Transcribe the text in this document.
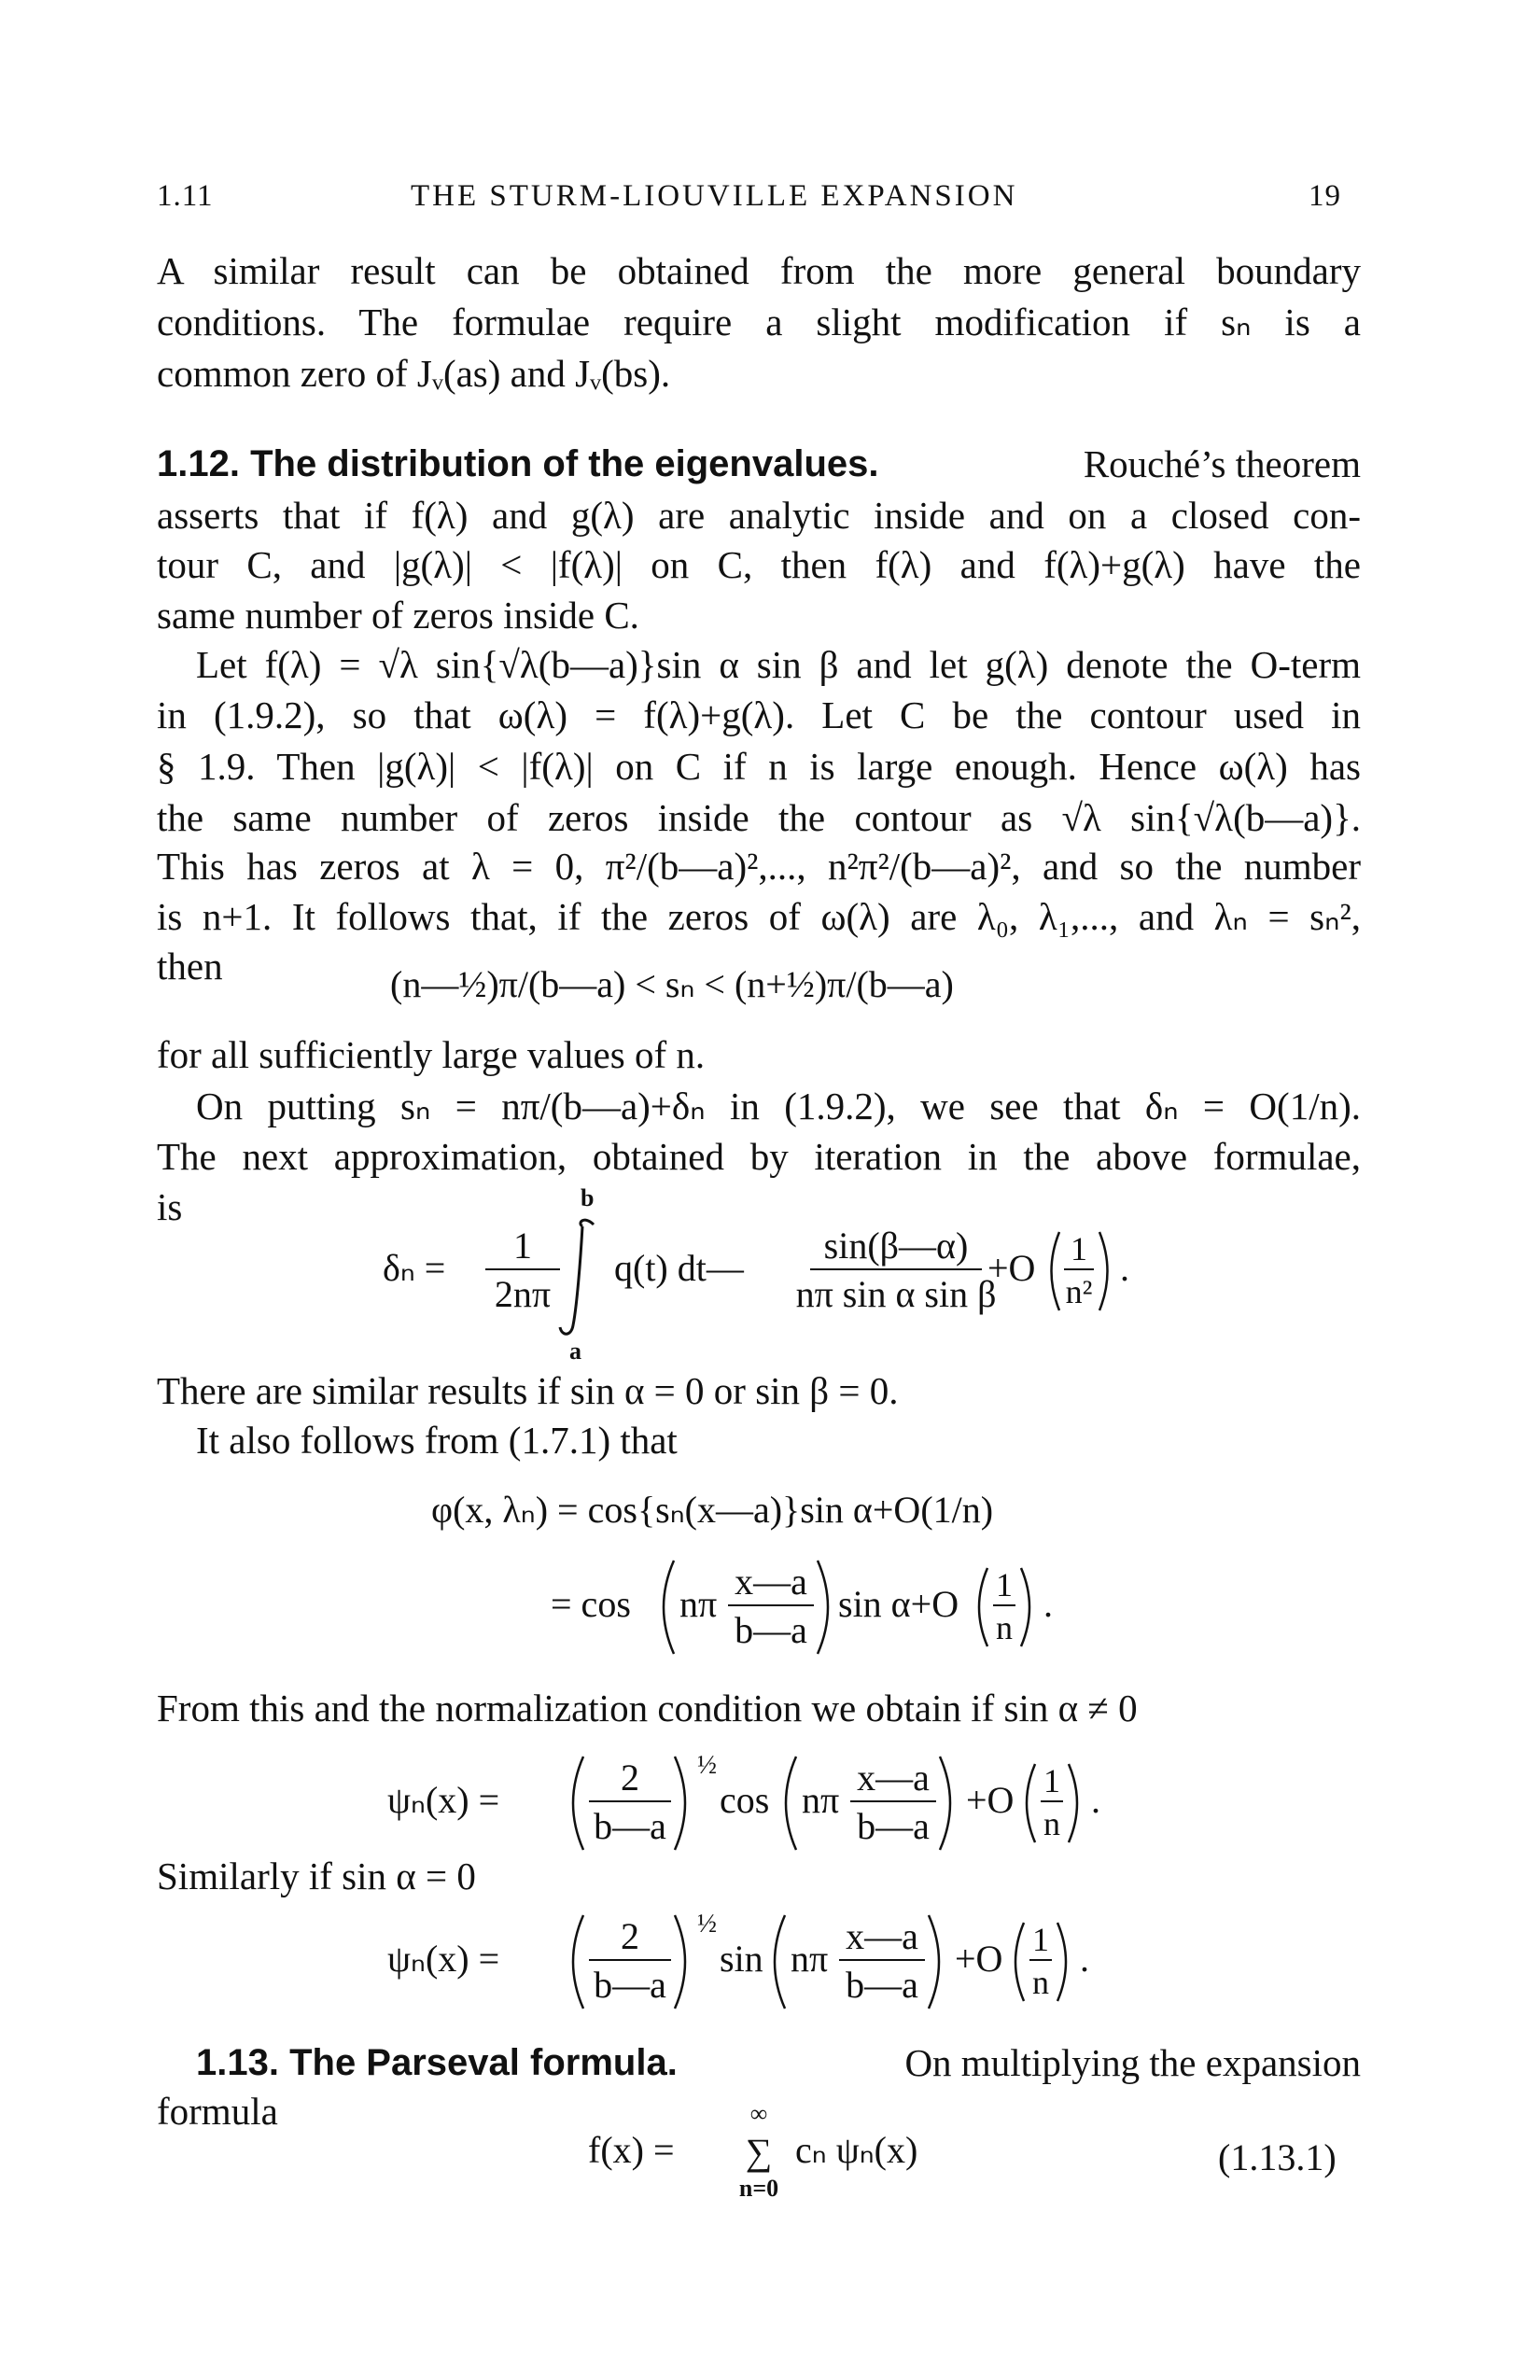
1.11	THE STURM-LIOUVILLE EXPANSION	19
A similar result can be obtained from the more general boundary
conditions. The formulae require a slight modification if sₙ is a
common zero of Jᵥ(as) and Jᵥ(bs).
1.12. The distribution of the eigenvalues.	Rouché’s theorem
asserts that if f(λ) and g(λ) are analytic inside and on a closed con-
tour C, and |g(λ)| < |f(λ)| on C, then f(λ) and f(λ)+g(λ) have the
same number of zeros inside C.
Let f(λ) = √λ sin{√λ(b—a)}sin α sin β and let g(λ) denote the O-term
in (1.9.2), so that ω(λ) = f(λ)+g(λ). Let C be the contour used in
§ 1.9. Then |g(λ)| < |f(λ)| on C if n is large enough. Hence ω(λ) has
the same number of zeros inside the contour as √λ sin{√λ(b—a)}.
This has zeros at λ = 0, π²/(b—a)²,..., n²π²/(b—a)², and so the number
is n+1. It follows that, if the zeros of ω(λ) are λ₀, λ₁,..., and λₙ = sₙ²,
then	(n—½)π/(b—a) < sₙ < (n+½)π/(b—a)
for all sufficiently large values of n.
On putting sₙ = nπ/(b—a)+δₙ in (1.9.2), we see that δₙ = O(1/n).
The next approximation, obtained by iteration in the above formulae,
is
δₙ =
1
2nπ
b
a
q(t) dt—
sin(β—α)
nπ sin α sin β
+O 1
n²
.
There are similar results if sin α = 0 or sin β = 0.
It also follows from (1.7.1) that
φ(x, λₙ) = cos{sₙ(x—a)}sin α+O(1/n)
= cos nπ
x—a
b—a
sin α+O 1
n
.
From this and the normalization condition we obtain if sin α ≠ 0
ψₙ(x) =
2
b—a
½
cos nπ
x—a
b—a
+O 1
n
.
Similarly if sin α = 0
ψₙ(x) =
2
b—a
½
sin nπ
x—a
b—a
+O 1
n
.
1.13. The Parseval formula.	On multiplying the expansion
formula
f(x) =
∞
∑
n=0
cₙ ψₙ(x)	(1.13.1)
